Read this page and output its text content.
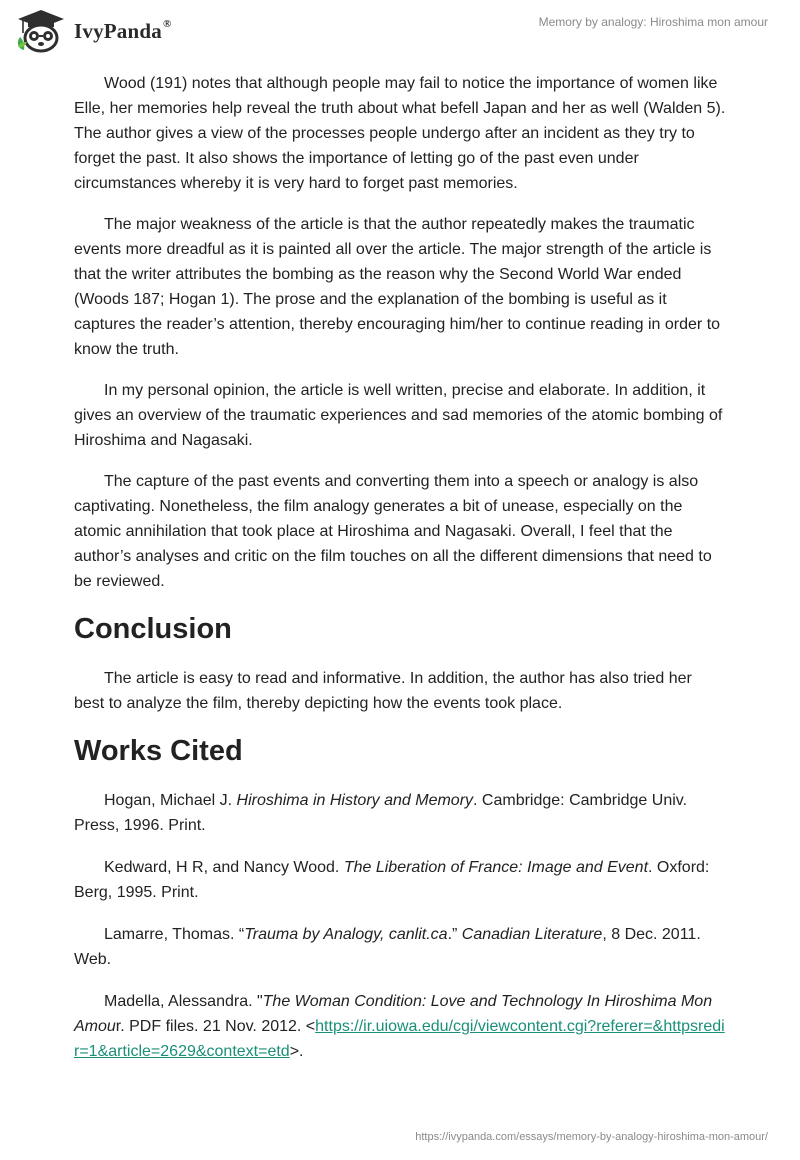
IvyPanda®	Memory by analogy: Hiroshima mon amour

Wood (191) notes that although people may fail to notice the importance of women like Elle, her memories help reveal the truth about what befell Japan and her as well (Walden 5). The author gives a view of the processes people undergo after an incident as they try to forget the past. It also shows the importance of letting go of the past even under circumstances whereby it is very hard to forget past memories.

The major weakness of the article is that the author repeatedly makes the traumatic events more dreadful as it is painted all over the article. The major strength of the article is that the writer attributes the bombing as the reason why the Second World War ended (Woods 187; Hogan 1). The prose and the explanation of the bombing is useful as it captures the reader’s attention, thereby encouraging him/her to continue reading in order to know the truth.

In my personal opinion, the article is well written, precise and elaborate. In addition, it gives an overview of the traumatic experiences and sad memories of the atomic bombing of Hiroshima and Nagasaki.

The capture of the past events and converting them into a speech or analogy is also captivating. Nonetheless, the film analogy generates a bit of unease, especially on the atomic annihilation that took place at Hiroshima and Nagasaki. Overall, I feel that the author’s analyses and critic on the film touches on all the different dimensions that need to be reviewed.

Conclusion

The article is easy to read and informative. In addition, the author has also tried her best to analyze the film, thereby depicting how the events took place.

Works Cited

Hogan, Michael J. Hiroshima in History and Memory. Cambridge: Cambridge Univ. Press, 1996. Print.

Kedward, H R, and Nancy Wood. The Liberation of France: Image and Event. Oxford: Berg, 1995. Print.

Lamarre, Thomas. “Trauma by Analogy, canlit.ca.” Canadian Literature, 8 Dec. 2011. Web.

Madella, Alessandra. "The Woman Condition: Love and Technology In Hiroshima Mon Amour. PDF files. 21 Nov. 2012. <https://ir.uiowa.edu/cgi/viewcontent.cgi?referer=&httpsredir=1&article=2629&context=etd>.

https://ivypanda.com/essays/memory-by-analogy-hiroshima-mon-amour/
